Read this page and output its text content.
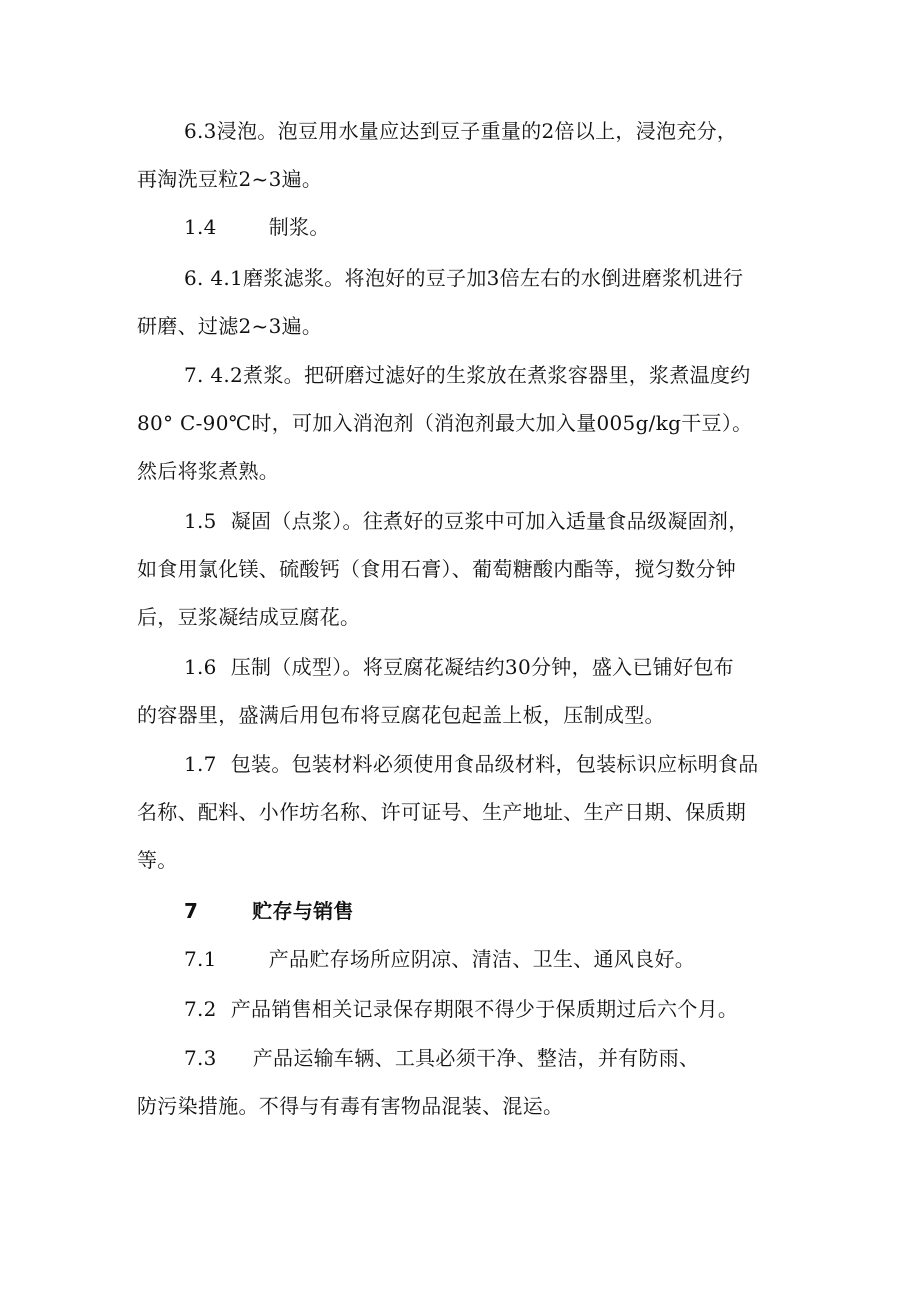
6.3浸泡。泡豆用水量应达到豆子重量的2倍以上，浸泡充分，
再淘洗豆粒2~3遍。
1.4	制浆。
6. 4.1磨浆滤浆。将泡好的豆子加3倍左右的水倒进磨浆机进行
研磨、过滤2~3遍。
7. 4.2煮浆。把研磨过滤好的生浆放在煮浆容器里，浆煮温度约
80° C-90℃时，可加入消泡剂（消泡剂最大加入量005g/kg干豆）。
然后将浆煮熟。
1.5 凝固（点浆）。往煮好的豆浆中可加入适量食品级凝固剂，
如食用氯化镁、硫酸钙（食用石膏）、葡萄糖酸内酯等，搅匀数分钟
后，豆浆凝结成豆腐花。
1.6 压制（成型）。将豆腐花凝结约30分钟，盛入已铺好包布
的容器里，盛满后用包布将豆腐花包起盖上板，压制成型。
1.7 包装。包装材料必须使用食品级材料，包装标识应标明食品
名称、配料、小作坊名称、许可证号、生产地址、生产日期、保质期
等。
7	贮存与销售
7.1	产品贮存场所应阴凉、清洁、卫生、通风良好。
7.2 产品销售相关记录保存期限不得少于保质期过后六个月。
7.3 产品运输车辆、工具必须干净、整洁，并有防雨、
防污染措施。不得与有毒有害物品混装、混运。
